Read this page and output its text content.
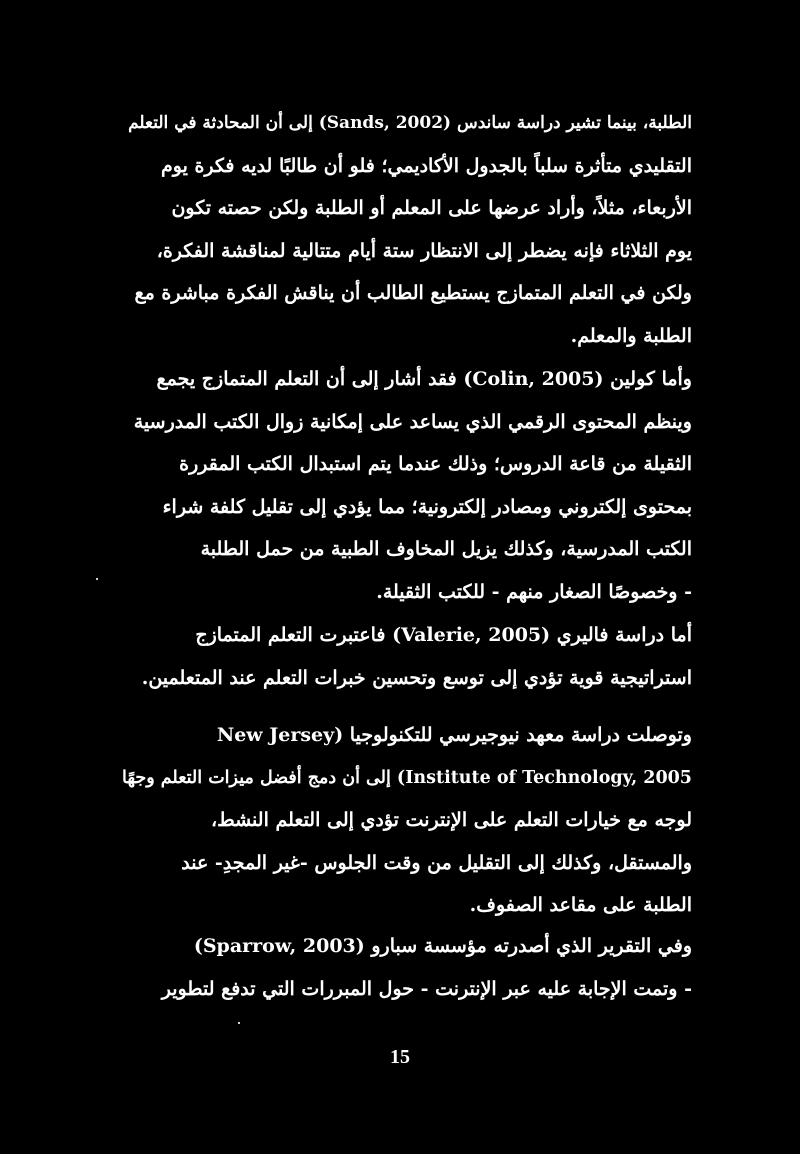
الطلبة، بينما تشير دراسة ساندس (Sands, 2002) إلى أن المحادثة في التعلم
التقليدي متأثرة سلباً بالجدول الأكاديمي؛ فلو أن طالبًا لديه فكرة يوم
الأربعاء، مثلاً، وأراد عرضها على المعلم أو الطلبة ولكن حصته تكون
يوم الثلاثاء فإنه يضطر إلى الانتظار ستة أيام متتالية لمناقشة الفكرة،
ولكن في التعلم المتمازج يستطيع الطالب أن يناقش الفكرة مباشرة مع
الطلبة والمعلم.
وأما كولين (Colin, 2005) فقد أشار إلى أن التعلم المتمازج يجمع
وينظم المحتوى الرقمي الذي يساعد على إمكانية زوال الكتب المدرسية
الثقيلة من قاعة الدروس؛ وذلك عندما يتم استبدال الكتب المقررة
بمحتوى إلكتروني ومصادر إلكترونية؛ مما يؤدي إلى تقليل كلفة شراء
الكتب المدرسية، وكذلك يزيل المخاوف الطبية من حمل الطلبة
- وخصوصًا الصغار منهم - للكتب الثقيلة.
أما دراسة فاليري (Valerie, 2005) فاعتبرت التعلم المتمازج
استراتيجية قوية تؤدي إلى توسع وتحسين خبرات التعلم عند المتعلمين.
وتوصلت دراسة معهد نيوجيرسي للتكنولوجيا (New Jersey
Institute of Technology, 2005) إلى أن دمج أفضل ميزات التعلم وجهًا
لوجه مع خيارات التعلم على الإنترنت تؤدي إلى التعلم النشط،
والمستقل، وكذلك إلى التقليل من وقت الجلوس -غير المجدِ- عند
الطلبة على مقاعد الصفوف.
وفي التقرير الذي أصدرته مؤسسة سبارو (Sparrow, 2003)
- وتمت الإجابة عليه عبر الإنترنت - حول المبررات التي تدفع لتطوير
15
